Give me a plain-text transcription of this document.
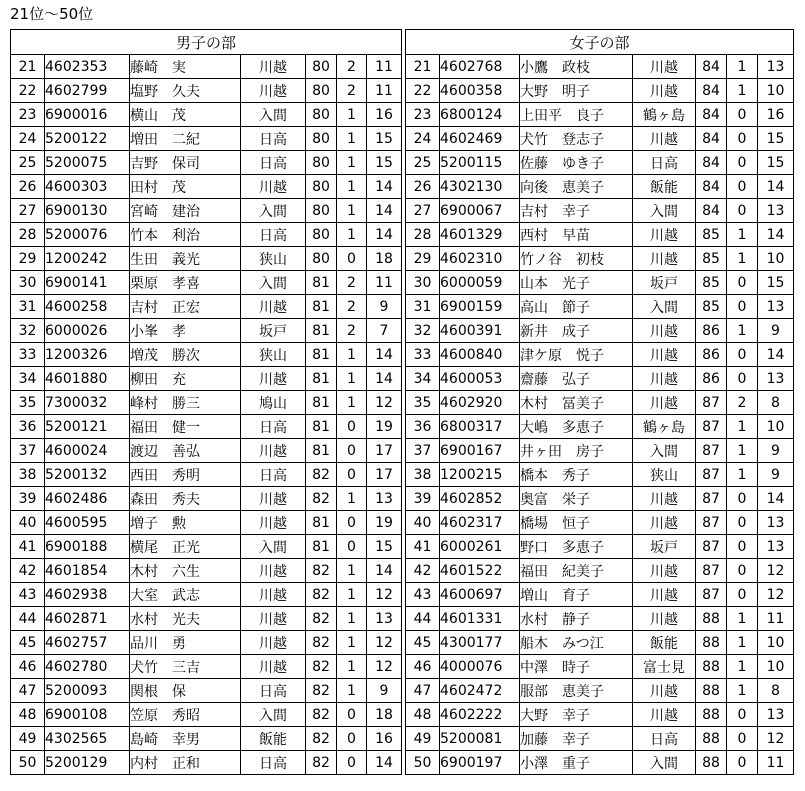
21位〜50位
男子の部						
21	4602353	藤崎　実	川越	80	2	11
22	4602799	塩野　久夫	川越	80	2	11
23	6900016	横山　茂	入間	80	1	16
24	5200122	増田　二紀	日高	80	1	15
25	5200075	吉野　保司	日高	80	1	15
26	4600303	田村　茂	川越	80	1	14
27	6900130	宮崎　建治	入間	80	1	14
28	5200076	竹本　利治	日高	80	1	14
29	1200242	生田　義光	狭山	80	0	18
30	6900141	栗原　孝喜	入間	81	2	11
31	4600258	吉村　正宏	川越	81	2	9
32	6000026	小峯　孝	坂戸	81	2	7
33	1200326	増茂　勝次	狭山	81	1	14
34	4601880	柳田　充	川越	81	1	14
35	7300032	峰村　勝三	鳩山	81	1	12
36	5200121	福田　健一	日高	81	0	19
37	4600024	渡辺　善弘	川越	81	0	17
38	5200132	西田　秀明	日高	82	0	17
39	4602486	森田　秀夫	川越	82	1	13
40	4600595	増子　勲	川越	81	0	19
41	6900188	横尾　正光	入間	81	0	15
42	4601854	木村　六生	川越	82	1	14
43	4602938	大室　武志	川越	82	1	12
44	4602871	水村　光夫	川越	82	1	13
45	4602757	品川　勇	川越	82	1	12
46	4602780	犬竹　三吉	川越	82	1	12
47	5200093	関根　保	日高	82	1	9
48	6900108	笠原　秀昭	入間	82	0	18
49	4302565	島崎　幸男	飯能	82	0	16
50	5200129	内村　正和	日高	82	0	14
女子の部						
21	4602768	小鷹　政枝	川越	84	1	13
22	4600358	大野　明子	川越	84	1	10
23	6800124	上田平　良子	鶴ヶ島	84	0	16
24	4602469	犬竹　登志子	川越	84	0	15
25	5200115	佐藤　ゆき子	日高	84	0	15
26	4302130	向後　恵美子	飯能	84	0	14
27	6900067	吉村　幸子	入間	84	0	13
28	4601329	西村　早苗	川越	85	1	14
29	4602310	竹ノ谷　初枝	川越	85	1	10
30	6000059	山本　光子	坂戸	85	0	15
31	6900159	高山　節子	入間	85	0	13
32	4600391	新井　成子	川越	86	1	9
33	4600840	津ケ原　悦子	川越	86	0	14
34	4600053	齋藤　弘子	川越	86	0	13
35	4602920	木村　冨美子	川越	87	2	8
36	6800317	大嶋　多恵子	鶴ヶ島	87	1	10
37	6900167	井ヶ田　房子	入間	87	1	9
38	1200215	橋本　秀子	狭山	87	1	9
39	4602852	奥富　栄子	川越	87	0	14
40	4602317	橋場　恒子	川越	87	0	13
41	6000261	野口　多恵子	坂戸	87	0	13
42	4601522	福田　紀美子	川越	87	0	12
43	4600697	増山　育子	川越	87	0	12
44	4601331	水村　静子	川越	88	1	11
45	4300177	船木　みつ江	飯能	88	1	10
46	4000076	中澤　時子	富士見	88	1	10
47	4602472	服部　恵美子	川越	88	1	8
48	4602222	大野　幸子	川越	88	0	13
49	5200081	加藤　幸子	日高	88	0	12
50	6900197	小澤　重子	入間	88	0	11
